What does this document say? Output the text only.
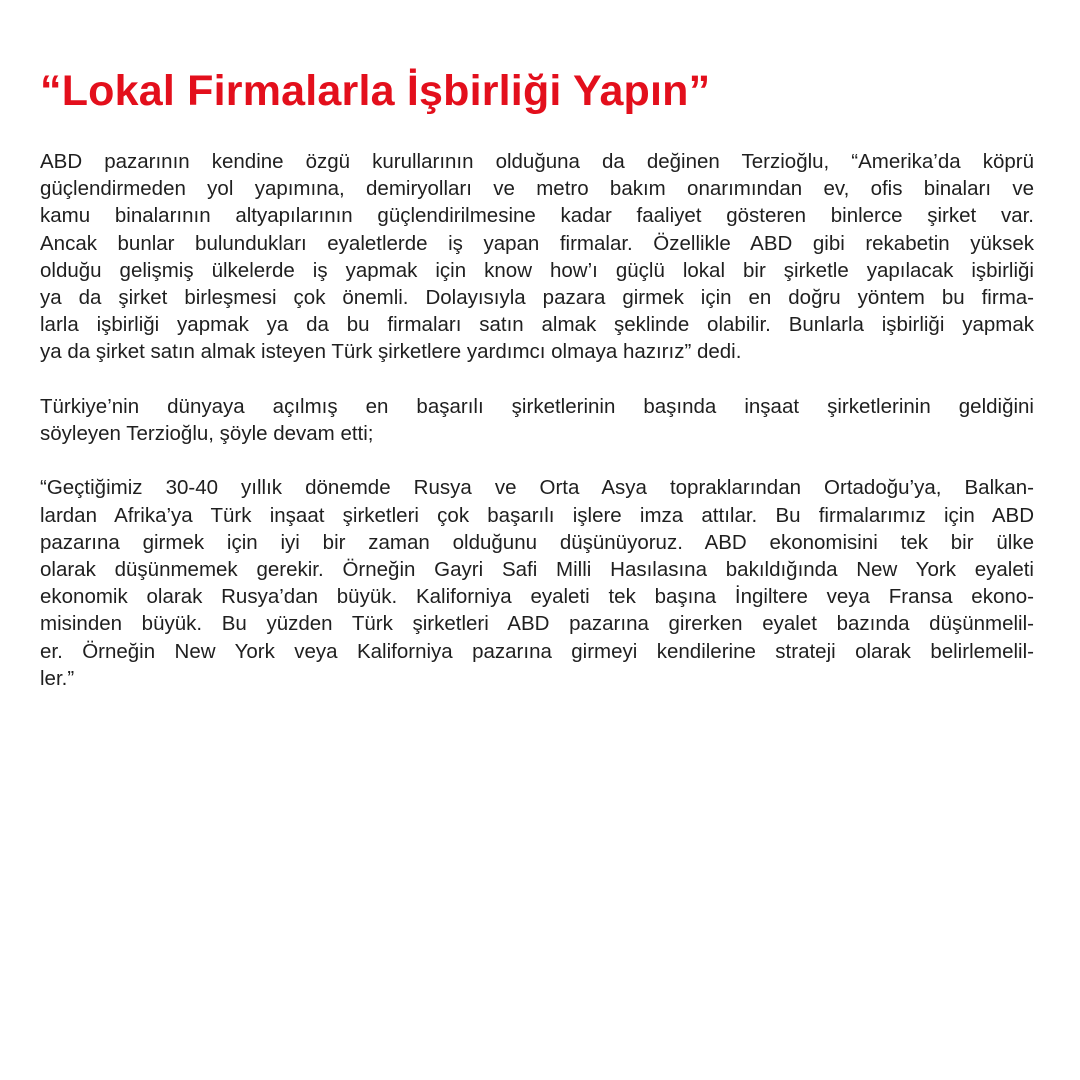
“Lokal Firmalarla İşbirliği Yapın”

ABD pazarının kendine özgü kurullarının olduğuna da değinen Terzioğlu, “Amerika’da köprü
güçlendirmeden yol yapımına, demiryolları ve metro bakım onarımından ev, ofis binaları ve
kamu binalarının altyapılarının güçlendirilmesine kadar faaliyet gösteren binlerce şirket var.
Ancak bunlar bulundukları eyaletlerde iş yapan firmalar. Özellikle ABD gibi rekabetin yüksek
olduğu gelişmiş ülkelerde iş yapmak için know how’ı güçlü lokal bir şirketle yapılacak işbirliği
ya da şirket birleşmesi çok önemli. Dolayısıyla pazara girmek için en doğru yöntem bu firma-
larla işbirliği yapmak ya da bu firmaları satın almak şeklinde olabilir. Bunlarla işbirliği yapmak
ya da şirket satın almak isteyen Türk şirketlere yardımcı olmaya hazırız” dedi.

Türkiye’nin dünyaya açılmış en başarılı şirketlerinin başında inşaat şirketlerinin geldiğini
söyleyen Terzioğlu, şöyle devam etti;

“Geçtiğimiz 30-40 yıllık dönemde Rusya ve Orta Asya topraklarından Ortadoğu’ya, Balkan-
lardan Afrika’ya Türk inşaat şirketleri çok başarılı işlere imza attılar. Bu firmalarımız için ABD
pazarına girmek için iyi bir zaman olduğunu düşünüyoruz. ABD ekonomisini tek bir ülke
olarak düşünmemek gerekir. Örneğin Gayri Safi Milli Hasılasına bakıldığında New York eyaleti
ekonomik olarak Rusya’dan büyük. Kaliforniya eyaleti tek başına İngiltere veya Fransa ekono-
misinden büyük. Bu yüzden Türk şirketleri ABD pazarına girerken eyalet bazında düşünmelil-
er. Örneğin New York veya Kaliforniya pazarına girmeyi kendilerine strateji olarak belirlemelil-
ler.”
